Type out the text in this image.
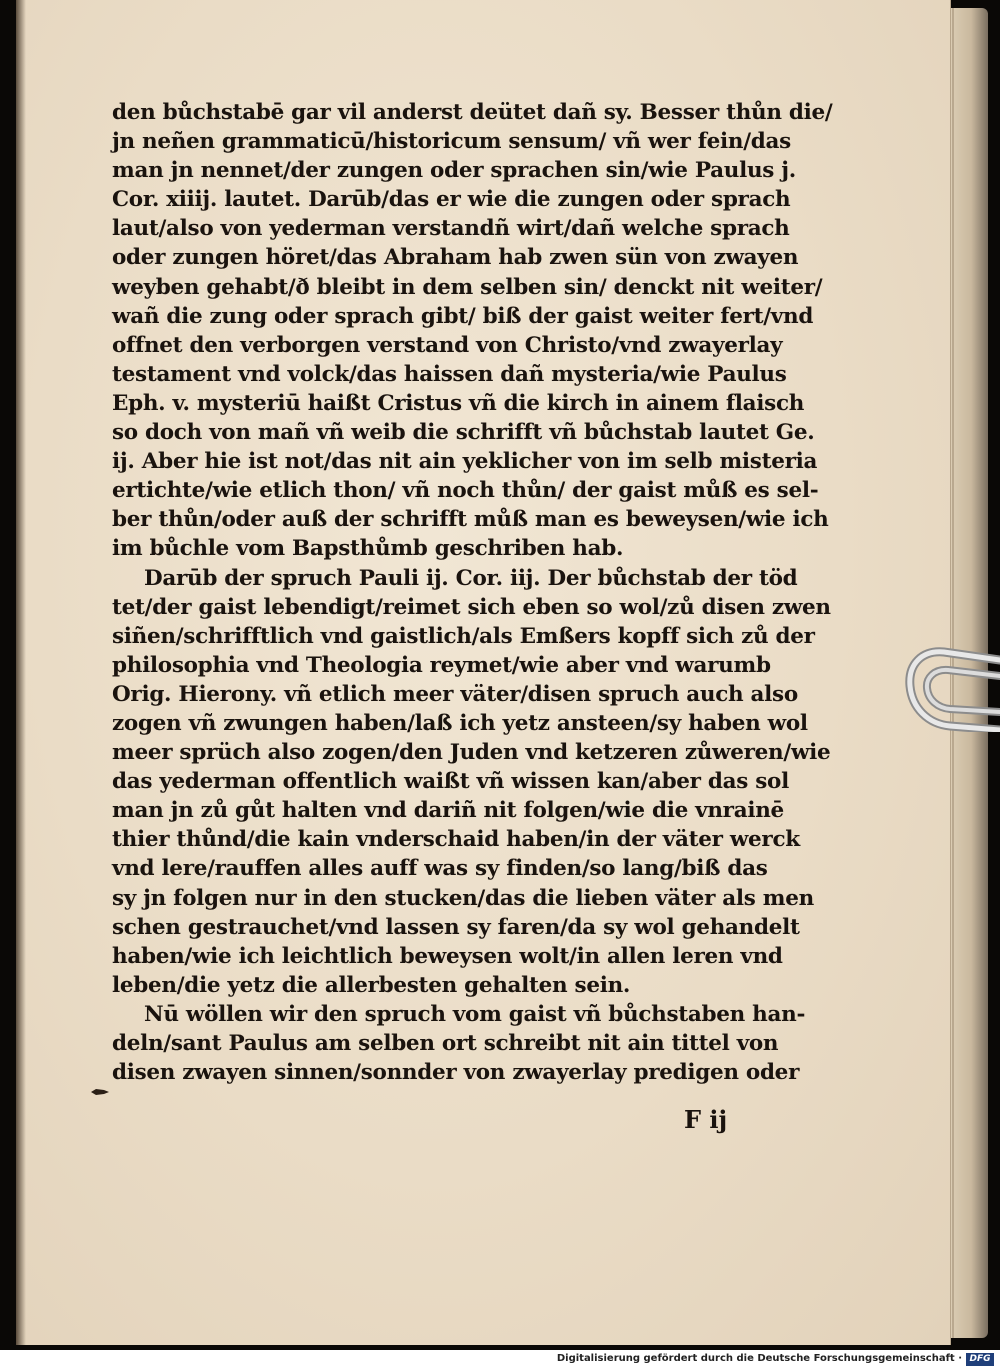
den bůchstabē gar vil anderst deütet dañ sy. Besser thůn die/
jn neñen grammaticū/historicum sensum/ vñ wer fein/das
man jn nennet/der zungen oder sprachen sin/wie Paulus j.
Cor. xiiij. lautet. Darūb/das er wie die zungen oder sprach
laut/also von yederman verstandñ wirt/dañ welche sprach
oder zungen höret/das Abraham hab zwen sün von zwayen
weyben gehabt/ð bleibt in dem selben sin/ denckt nit weiter/
wañ die zung oder sprach gibt/ biß der gaist weiter fert/vnd
offnet den verborgen verstand von Christo/vnd zwayerlay
testament vnd volck/das haissen dañ mysteria/wie Paulus
Eph. v. mysteriū haißt Cristus vñ die kirch in ainem flaisch
so doch von mañ vñ weib die schrifft vñ bůchstab lautet Ge.
ij. Aber hie ist not/das nit ain yeklicher von im selb misteria
ertichte/wie etlich thon/ vñ noch thůn/ der gaist můß es sel-
ber thůn/oder auß der schrifft můß man es beweysen/wie ich
im bůchle vom Bapsthůmb geschriben hab.
Darūb der spruch Pauli ij. Cor. iij. Der bůchstab der töd
tet/der gaist lebendigt/reimet sich eben so wol/zů disen zwen
siñen/schrifftlich vnd gaistlich/als Emßers kopff sich zů der
philosophia vnd Theologia reymet/wie aber vnd warumb
Orig. Hierony. vñ etlich meer väter/disen spruch auch also
zogen vñ zwungen haben/laß ich yetz ansteen/sy haben wol
meer sprüch also zogen/den Juden vnd ketzeren zůweren/wie
das yederman offentlich waißt vñ wissen kan/aber das sol
man jn zů gůt halten vnd dariñ nit folgen/wie die vnrainē
thier thůnd/die kain vnderschaid haben/in der väter werck
vnd lere/rauffen alles auff was sy finden/so lang/biß das
sy jn folgen nur in den stucken/das die lieben väter als men
schen gestrauchet/vnd lassen sy faren/da sy wol gehandelt
haben/wie ich leichtlich beweysen wolt/in allen leren vnd
leben/die yetz die allerbesten gehalten sein.
Nū wöllen wir den spruch vom gaist vñ bůchstaben han-
deln/sant Paulus am selben ort schreibt nit ain tittel von
disen zwayen sinnen/sonnder von zwayerlay predigen oder
F ij
Digitalisierung gefördert durch die Deutsche Forschungsgemeinschaft · DFG
